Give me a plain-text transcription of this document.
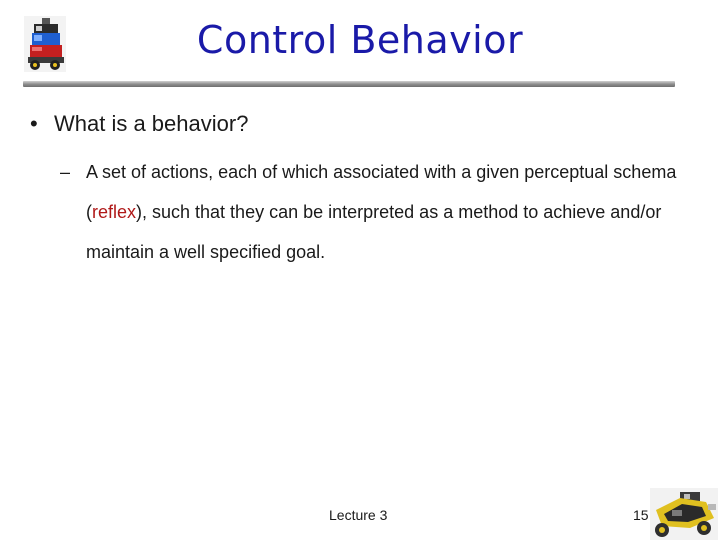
Control Behavior
• What is a behavior?
– A set of actions, each of which associated with a given perceptual schema (reflex), such that they can be interpreted as a method to achieve and/or maintain a well specified goal.
Lecture 3	15
